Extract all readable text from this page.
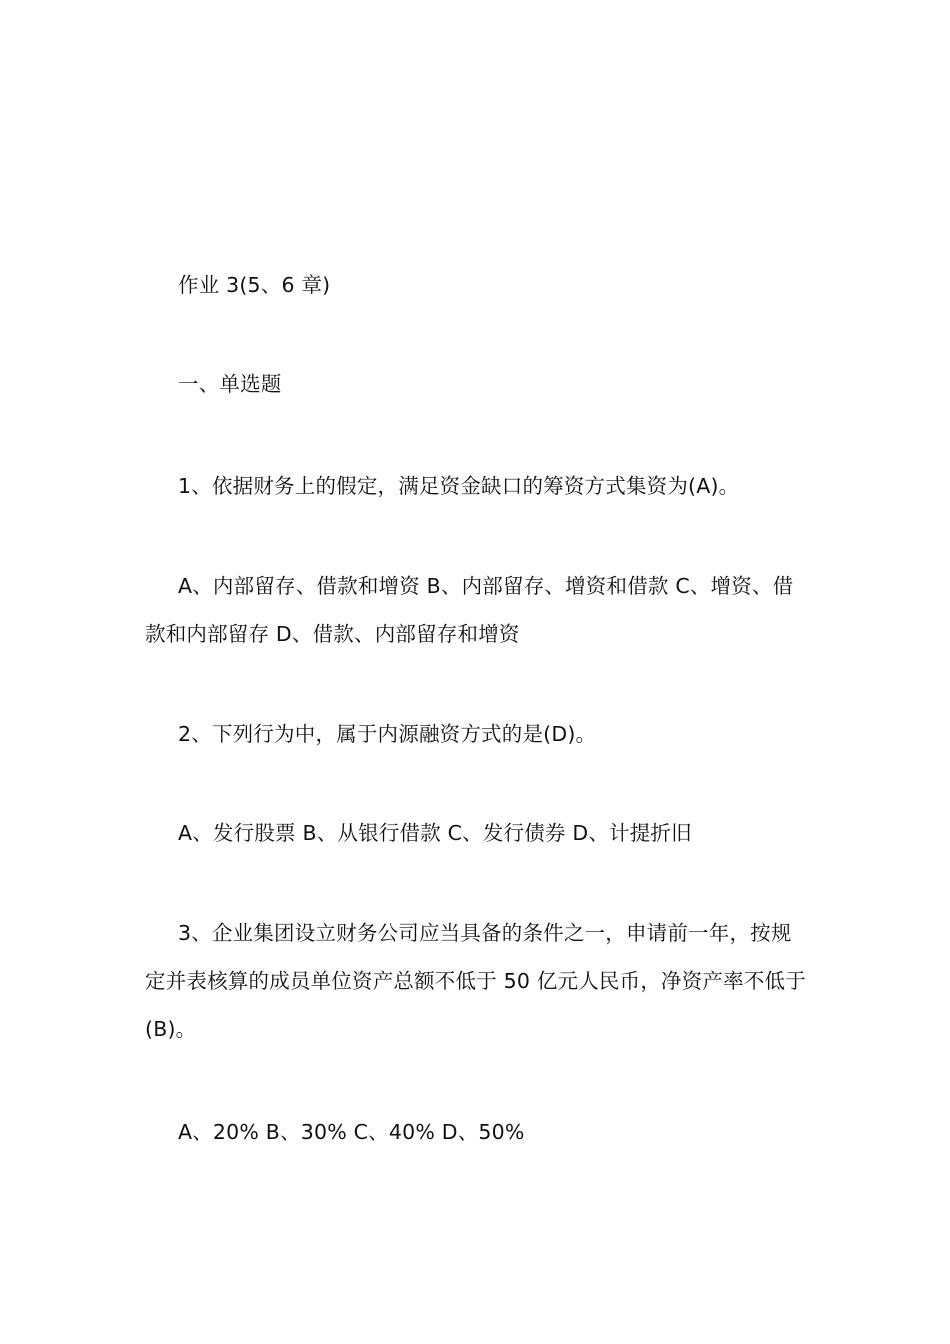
作业 3(5、6 章)

一、单选题

1、依据财务上的假定，满足资金缺口的筹资方式集资为(A)。

A、内部留存、借款和增资 B、内部留存、增资和借款 C、增资、借款和内部留存 D、借款、内部留存和增资

2、下列行为中，属于内源融资方式的是(D)。

A、发行股票 B、从银行借款 C、发行债券 D、计提折旧

3、企业集团设立财务公司应当具备的条件之一，申请前一年，按规定并表核算的成员单位资产总额不低于 50 亿元人民币，净资产率不低于(B)。

A、20% B、30% C、40% D、50%
